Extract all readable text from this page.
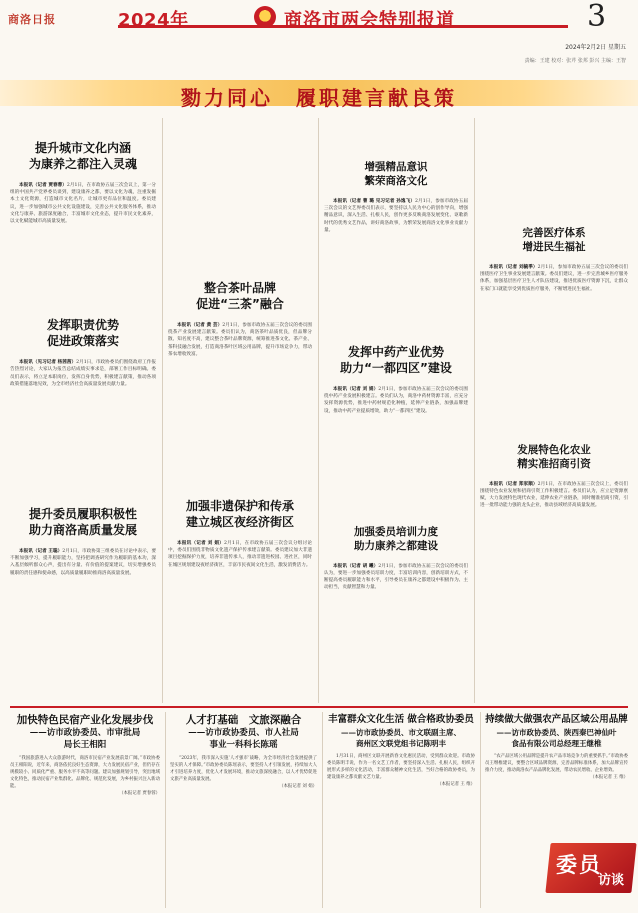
商洛日报	2024年	商洛市两会特别报道	3
2024年2月2日 星期五
责编：王建 校对：张芹 张邦 彭兴 主编：王智
勠力同心　履职建言献良策
提升城市文化内涵
为康养之都注入灵魂

本报讯（记者 贾春蓉）2月1日，在市政协五届三次会议上，第一分组的中国共产党界委员谈到，建设康养之都，要以文化为魂，注重发掘本土文化资源，打造城市文化名片，让城市更有品位和温度。委员建议，进一步加强城市公共文化设施建设，完善公共文化服务体系，推动文化与康养、旅游深度融合，丰富城市文化业态，提升市民文化素养，以文化赋能城市高质量发展。

发挥职责优势
促进政策落实

本报讯（见习记者 杨茜茜）2月1日，市政协委员们围绕政府工作报告热烈讨论，大家认为报告总结成绩实事求是，部署工作目标明确。委员们表示，将立足本职岗位，发挥自身优势，积极建言献策，推动各项政策措施落地见效，为全市经济社会高质量发展贡献力量。

提升委员履职积极性
助力商洛高质量发展

本报讯（记者 王聪）2月1日，市政协第三组委员在讨论中表示，要不断加强学习，提升履职能力，坚持把调查研究作为履职的基本功，深入基层倾听群众心声，提出有分量、有价值的提案建议，切实增强委员履职的责任感和使命感，以高质量履职助推商洛高质量发展。

整合茶叶品牌
促进“三茶”融合

本报讯（记者 黄 芸）2月1日，参加市政协五届三次会议的委员围绕茶产业发展建言献策。委员们认为，商洛茶叶品质优良，但品牌分散、知名度不高，建议整合茶叶品牌资源，统筹推进茶文化、茶产业、茶科技融合发展，打造商洛茶叶区域公用品牌，提升市场竞争力，带动茶农增收致富。

加强非遗保护和传承
建立城区夜经济街区

本报讯（记者 刘 娟）2月1日，在市政协五届三次会议分组讨论中，委员们围绕非物质文化遗产保护传承建言献策。委员建议加大非遗项目挖掘保护力度，培养非遗传承人，推动非遗进校园、进社区，同时在城区规划建设夜经济街区，丰富市民夜间文化生活，激发消费活力。

增强精品意识
繁荣商洛文化

本报讯（记者 曹 璐 见习记者 孙逸飞）2月1日，参加市政协五届三次会议的文艺界委员们表示，要坚持以人民为中心的创作导向，增强精品意识，深入生活、扎根人民，创作更多反映商洛发展变化、讴歌新时代的优秀文艺作品，讲好商洛故事，为繁荣发展商洛文化事业贡献力量。

发挥中药产业优势
助力“一都四区”建设

本报讯（记者 刘 娟）2月1日，参加市政协五届三次会议的委员围绕中药产业发展积极建言。委员们认为，商洛中药材资源丰富，应充分发挥资源优势，推进中药材规范化种植，延伸产业链条，加强品牌建设，推动中药产业提质增效，助力“一都四区”建设。

加强委员培训力度
助力康养之都建设

本报讯（记者 胡 曦）2月1日，参加市政协五届三次会议的委员们认为，要进一步加强委员培训力度，丰富培训内容，创新培训方式，不断提高委员履职能力和水平，引导委员在康养之都建设中积极作为、主动担当，贡献智慧和力量。

完善医疗体系
增进民生福祉

本报讯（记者 刘毓季）2月1日，参加市政协五届三次会议的委员们围绕医疗卫生事业发展建言献策。委员们建议，进一步完善城乡医疗服务体系，加强基层医疗卫生人才队伍建设，推进优质医疗资源下沉，让群众在家门口就能享受到优质医疗服务，不断增进民生福祉。

发展特色化农业
精实准招商引资

本报讯（记者 郑家顺）2月1日，在市政协五届三次会议上，委员们围绕特色农业发展和招商引资工作积极建言。委员们认为，应立足资源禀赋，大力发展特色现代农业，延伸农业产业链条，同时精准招商引资，引进一批带动能力强的龙头企业，推动县域经济高质量发展。

加快特色民宿产业化发展步伐
——访市政协委员、市审批局
局长王相阳

“我国旅游进入大众旅游时代，商洛市民宿产业发展前景广阔。”市政协委员王相阳说，近年来，商洛依托良好生态资源，大力发展民宿产业，但仍存在规模较小、同质化严重、服务水平不高等问题。建议加强规划引导，突出地域文化特色，推动民宿产业集群化、品牌化、规范化发展，为乡村振兴注入新动能。

（本报记者 贾春蓉）

人才打基础　文旅深融合
——访市政协委员、市人社局
事业一科科长陈瑶

“2023年，我市深入实施‘人才强市’战略，为全市经济社会发展提供了坚实的人才保障。”市政协委员陈瑶表示，要坚持人才引领发展，持续加大人才引进培养力度，优化人才发展环境，推动文旅深度融合，以人才优势促进文旅产业高质量发展。

（本报记者 刘 娟）

丰富群众文化生活 做合格政协委员
——访市政协委员、市文联副主席、
商州区文联党组书记陈明丰

1月31日，商州区文联开展新春文化惠民活动，受到群众欢迎。市政协委员陈明丰说，作为一名文艺工作者，要坚持深入生活、扎根人民，组织开展形式多样的文化活动，丰富群众精神文化生活，当好合格的政协委员，为建设康养之都贡献文艺力量。

（本报记者 王 维）

持续做大做强农产品区域公用品牌
——访市政协委员、陕西秦巴神仙叶
食品有限公司总经理王继椎

“农产品区域公用品牌是提升农产品市场竞争力的重要抓手。”市政协委员王继椎建议，要整合区域品牌资源，完善品牌标准体系，加大品牌宣传推介力度，推动商洛农产品品牌化发展，带动农民增收、企业增效。

（本报记者 王 维）

委员
访谈
